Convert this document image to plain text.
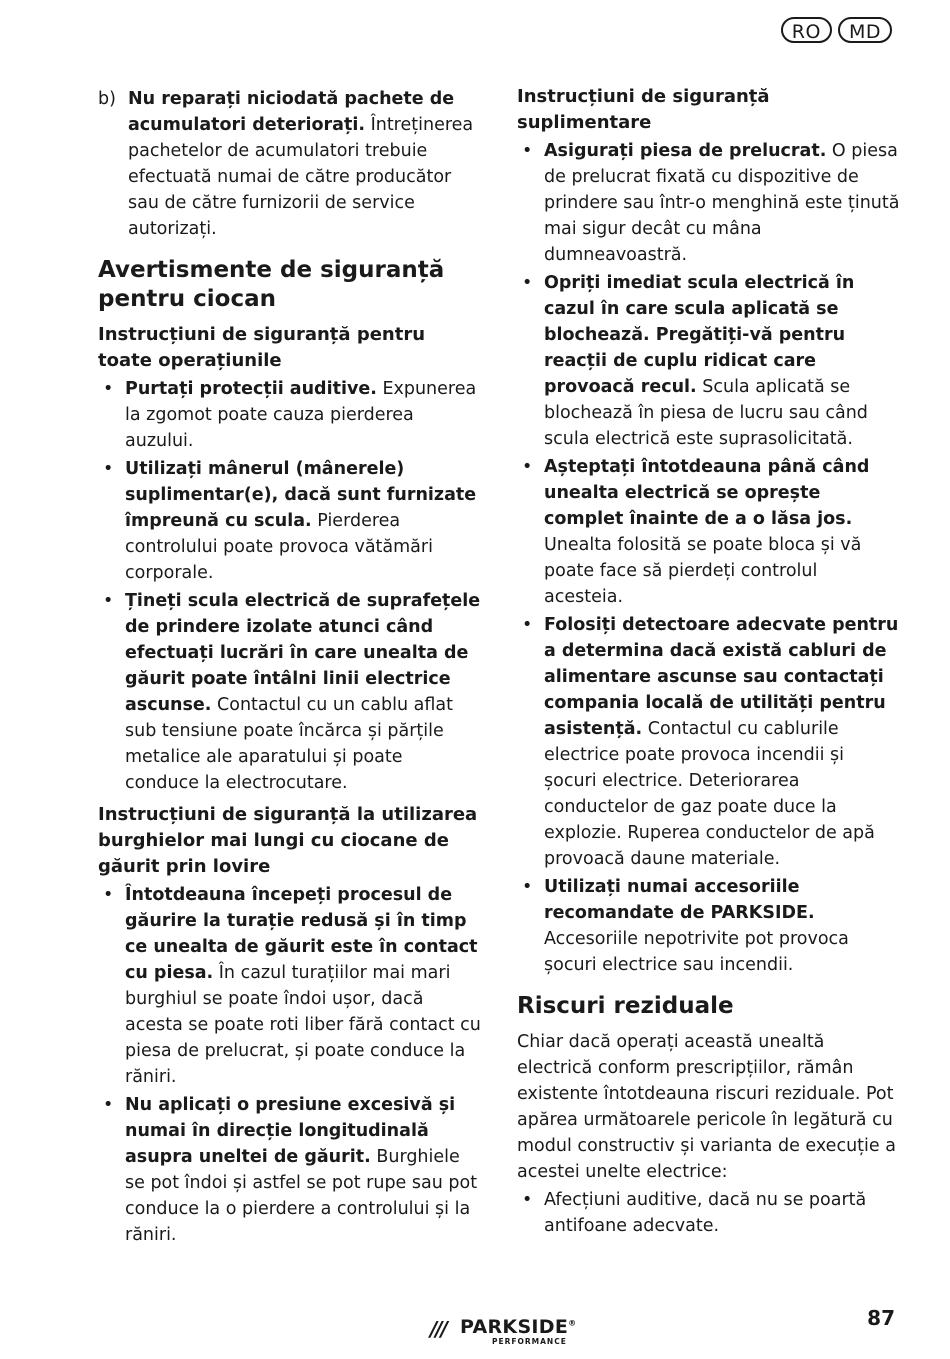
RO	MD
b) Nu reparați niciodată pachete de acumulatori deteriorați. Întreținerea pachetelor de acumulatori trebuie efectuată numai de către producător sau de către furnizorii de service autorizați.
Avertismente de siguranță pentru ciocan
Instrucțiuni de siguranță pentru toate operațiunile
• Purtați protecții auditive. Expunerea la zgomot poate cauza pierderea auzului.
• Utilizați mânerul (mânerele) suplimentar(e), dacă sunt furnizate împreună cu scula. Pierderea controlului poate provoca vătămări corporale.
• Țineți scula electrică de suprafețele de prindere izolate atunci când efectuați lucrări în care unealta de găurit poate întâlni linii electrice ascunse. Contactul cu un cablu aflat sub tensiune poate încărca și părțile metalice ale aparatului și poate conduce la electrocutare.
Instrucțiuni de siguranță la utilizarea burghielor mai lungi cu ciocane de găurit prin lovire
• Întotdeauna începeți procesul de găurire la turație redusă și în timp ce unealta de găurit este în contact cu piesa. În cazul turațiilor mai mari burghiul se poate îndoi ușor, dacă acesta se poate roti liber fără contact cu piesa de prelucrat, și poate conduce la răniri.
• Nu aplicați o presiune excesivă și numai în direcție longitudinală asupra uneltei de găurit. Burghiele se pot îndoi și astfel se pot rupe sau pot conduce la o pierdere a controlului și la răniri.
Instrucțiuni de siguranță suplimentare
• Asigurați piesa de prelucrat. O piesa de prelucrat fixată cu dispozitive de prindere sau într-o menghină este ținută mai sigur decât cu mâna dumneavoastră.
• Opriți imediat scula electrică în cazul în care scula aplicată se blochează. Pregătiți-vă pentru reacții de cuplu ridicat care provoacă recul. Scula aplicată se blochează în piesa de lucru sau când scula electrică este suprasolicitată.
• Așteptați întotdeauna până când unealta electrică se oprește complet înainte de a o lăsa jos. Unealta folosită se poate bloca și vă poate face să pierdeți controlul acesteia.
• Folosiți detectoare adecvate pentru a determina dacă există cabluri de alimentare ascunse sau contactați compania locală de utilități pentru asistență. Contactul cu cablurile electrice poate provoca incendii și șocuri electrice. Deteriorarea conductelor de gaz poate duce la explozie. Ruperea conductelor de apă provoacă daune materiale.
• Utilizați numai accesoriile recomandate de PARKSIDE. Accesoriile nepotrivite pot provoca șocuri electrice sau incendii.
Riscuri reziduale

Chiar dacă operați această unealtă electrică conform prescripțiilor, rămân existente întotdeauna riscuri reziduale. Pot apărea următoarele pericole în legătură cu modul constructiv și varianta de execuție a acestei unelte electrice:

• Afecțiuni auditive, dacă nu se poartă antifoane adecvate.
/// PARKSIDE®
PERFORMANCE
87
